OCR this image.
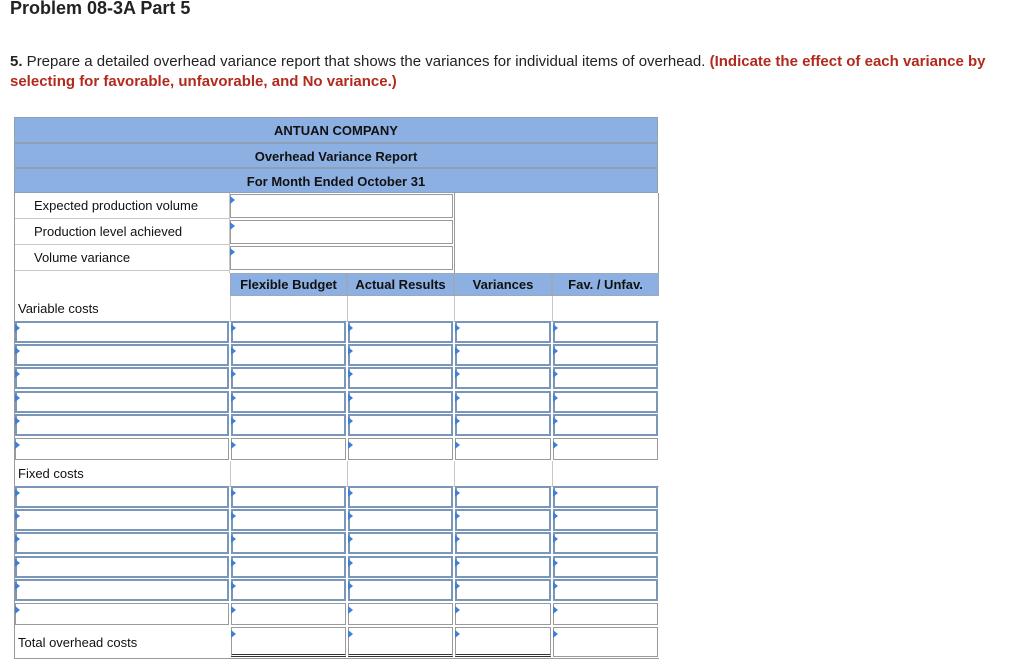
Problem 08-3A Part 5
5. Prepare a detailed overhead variance report that shows the variances for individual items of overhead. (Indicate the effect of each variance by selecting for favorable, unfavorable, and No variance.)
ANTUAN COMPANY
Overhead Variance Report
For Month Ended October 31
Expected production volume
Production level achieved
Volume variance
Flexible Budget	Actual Results	Variances	Fav. / Unfav.
Variable costs
Fixed costs
Total overhead costs
